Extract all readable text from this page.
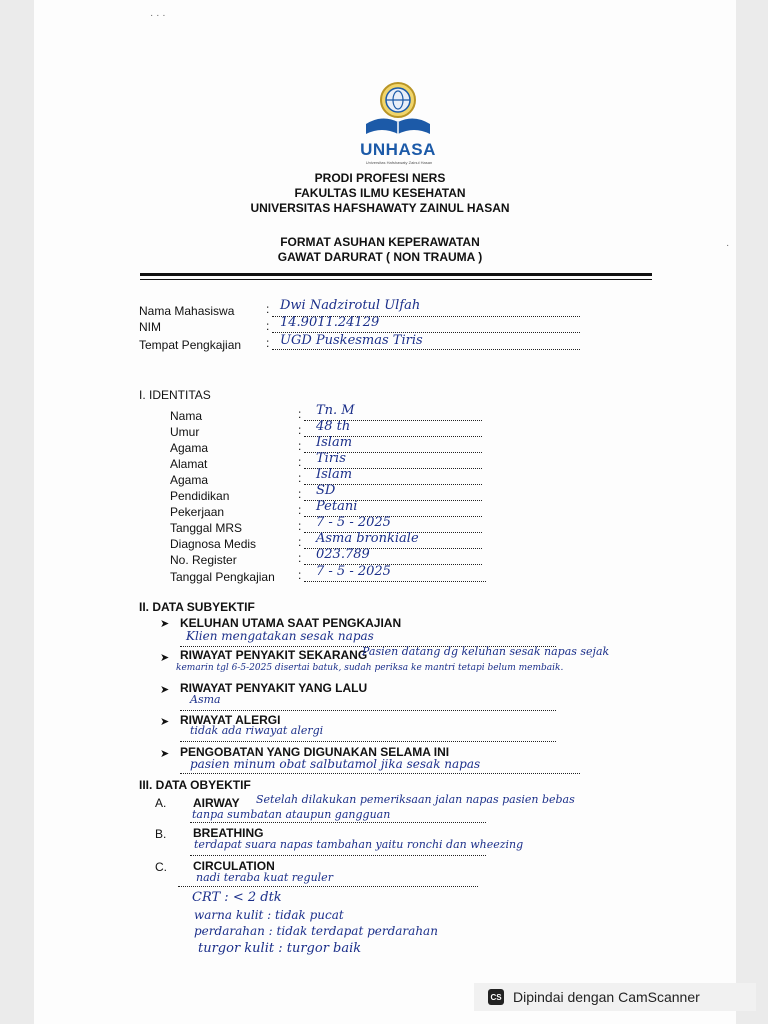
UNHASA
Universitas Hafshawaty Zainul Hasan
PRODI PROFESI NERS
FAKULTAS ILMU KESEHATAN
UNIVERSITAS HAFSHAWATY ZAINUL HASAN
FORMAT ASUHAN KEPERAWATAN
GAWAT DARURAT ( NON TRAUMA )
Nama Mahasiswa	: Dwi Nadzirotul Ulfah
NIM	: 14.9011.24129
Tempat Pengkajian : UGD Puskesmas Tiris
I. IDENTITAS
Nama	: Tn. M
Umur	: 48 th
Agama	: Islam
Alamat	: Tiris
Agama	: Islam
Pendidikan	: SD
Pekerjaan	: Petani
Tanggal MRS	: 7 - 5 - 2025
Diagnosa Medis	: Asma bronkiale
No. Register	: 023.789
Tanggal Pengkajian : 7 - 5 - 2025
II. DATA SUBYEKTIF
➤ KELUHAN UTAMA SAAT PENGKAJIAN
Klien mengatakan sesak napas
➤ RIWAYAT PENYAKIT SEKARANG
Pasien datang dg keluhan sesak napas sejak
kemarin tgl 6-5-2025 disertai batuk, sudah periksa ke mantri tetapi belum membaik.
➤ RIWAYAT PENYAKIT YANG LALU
Asma
➤ RIWAYAT ALERGI
tidak ada riwayat alergi
➤ PENGOBATAN YANG DIGUNAKAN SELAMA INI
pasien minum obat salbutamol jika sesak napas
III. DATA OBYEKTIF
A. AIRWAY Setelah dilakukan pemeriksaan jalan napas pasien bebas
tanpa sumbatan ataupun gangguan
B. BREATHING
terdapat suara napas tambahan yaitu ronchi dan wheezing
C. CIRCULATION
nadi teraba kuat reguler
CRT : < 2 dtk
warna kulit : tidak pucat
perdarahan : tidak terdapat perdarahan
turgor kulit : turgor baik
· · ·
·
CS Dipindai dengan CamScanner
